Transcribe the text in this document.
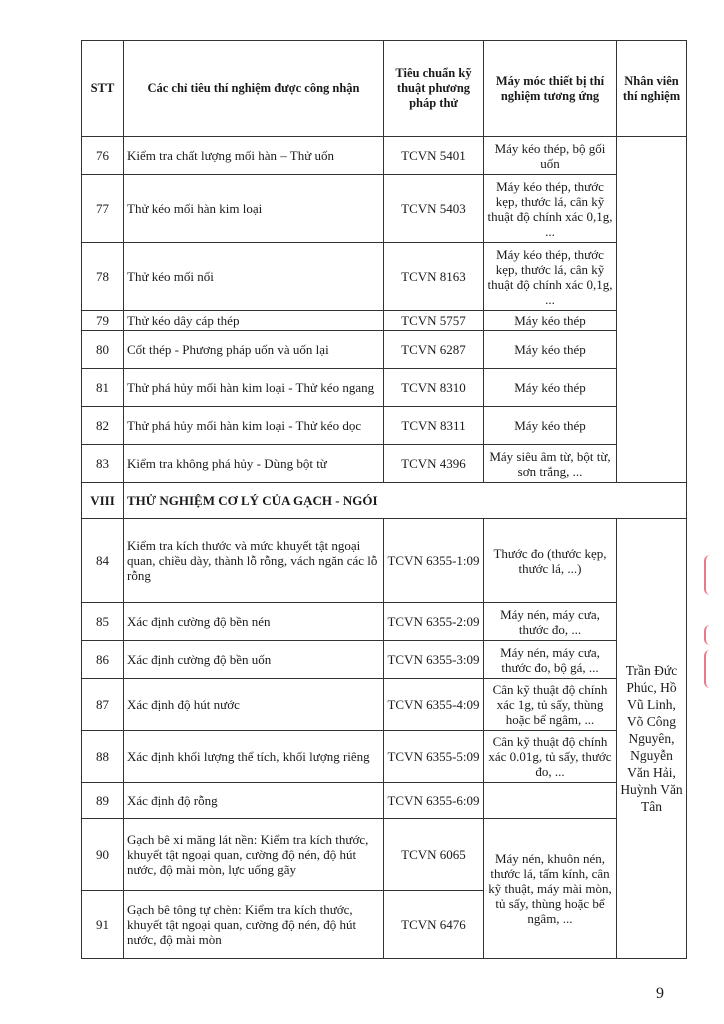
STT	Các chỉ tiêu thí nghiệm được công nhận	Tiêu chuẩn kỹ thuật phương pháp thử	Máy móc thiết bị thí nghiệm tương ứng	Nhân viên thí nghiệm
76	Kiểm tra chất lượng mối hàn – Thử uốn	TCVN 5401	Máy kéo thép, bộ gối uốn	
77	Thử kéo mối hàn kim loại	TCVN 5403	Máy kéo thép, thước kẹp, thước lá, cân kỹ thuật độ chính xác 0,1g, ...	
78	Thử kéo mối nối	TCVN 8163	Máy kéo thép, thước kẹp, thước lá, cân kỹ thuật độ chính xác 0,1g, ...	
79	Thử kéo dây cáp thép	TCVN 5757	Máy kéo thép	
80	Cốt thép - Phương pháp uốn và uốn lại	TCVN 6287	Máy kéo thép	
81	Thử phá hủy mối hàn kim loại - Thử kéo ngang	TCVN 8310	Máy kéo thép	
82	Thử phá hủy mối hàn kim loại - Thử kéo dọc	TCVN 8311	Máy kéo thép	
83	Kiểm tra không phá hủy - Dùng bột từ	TCVN 4396	Máy siêu âm từ, bột từ, sơn trắng, ...	
VIII	THỬ NGHIỆM CƠ LÝ CỦA GẠCH - NGÓI			
84	Kiểm tra kích thước và mức khuyết tật ngoại quan, chiều dày, thành lỗ rỗng, vách ngăn các lỗ rỗng	TCVN 6355-1:09	Thước đo (thước kẹp, thước lá, ...)	Trần Đức Phúc, Hồ Vũ Linh, Võ Công Nguyên, Nguyễn Văn Hải, Huỳnh Văn Tân
85	Xác định cường độ bền nén	TCVN 6355-2:09	Máy nén, máy cưa, thước đo, ...	
86	Xác định cường độ bền uốn	TCVN 6355-3:09	Máy nén, máy cưa, thước đo, bộ gá, ...	
87	Xác định độ hút nước	TCVN 6355-4:09	Cân kỹ thuật độ chính xác 1g, tủ sấy, thùng hoặc bể ngâm, ...	
88	Xác định khối lượng thể tích, khối lượng riêng	TCVN 6355-5:09	Cân kỹ thuật độ chính xác 0.01g, tủ sấy, thước đo, ...	
89	Xác định độ rỗng	TCVN 6355-6:09		
90	Gạch bê xi măng lát nền: Kiểm tra kích thước, khuyết tật ngoại quan, cường độ nén, độ hút nước, độ mài mòn, lực uống gãy	TCVN 6065	Máy nén, khuôn nén, thước lá, tấm kính, cân kỹ thuật, máy mài mòn, tủ sấy, thùng hoặc bể ngâm, ...	
91	Gạch bê tông tự chèn: Kiểm tra kích thước, khuyết tật ngoại quan, cường độ nén, độ hút nước, độ mài mòn	TCVN 6476		
9
